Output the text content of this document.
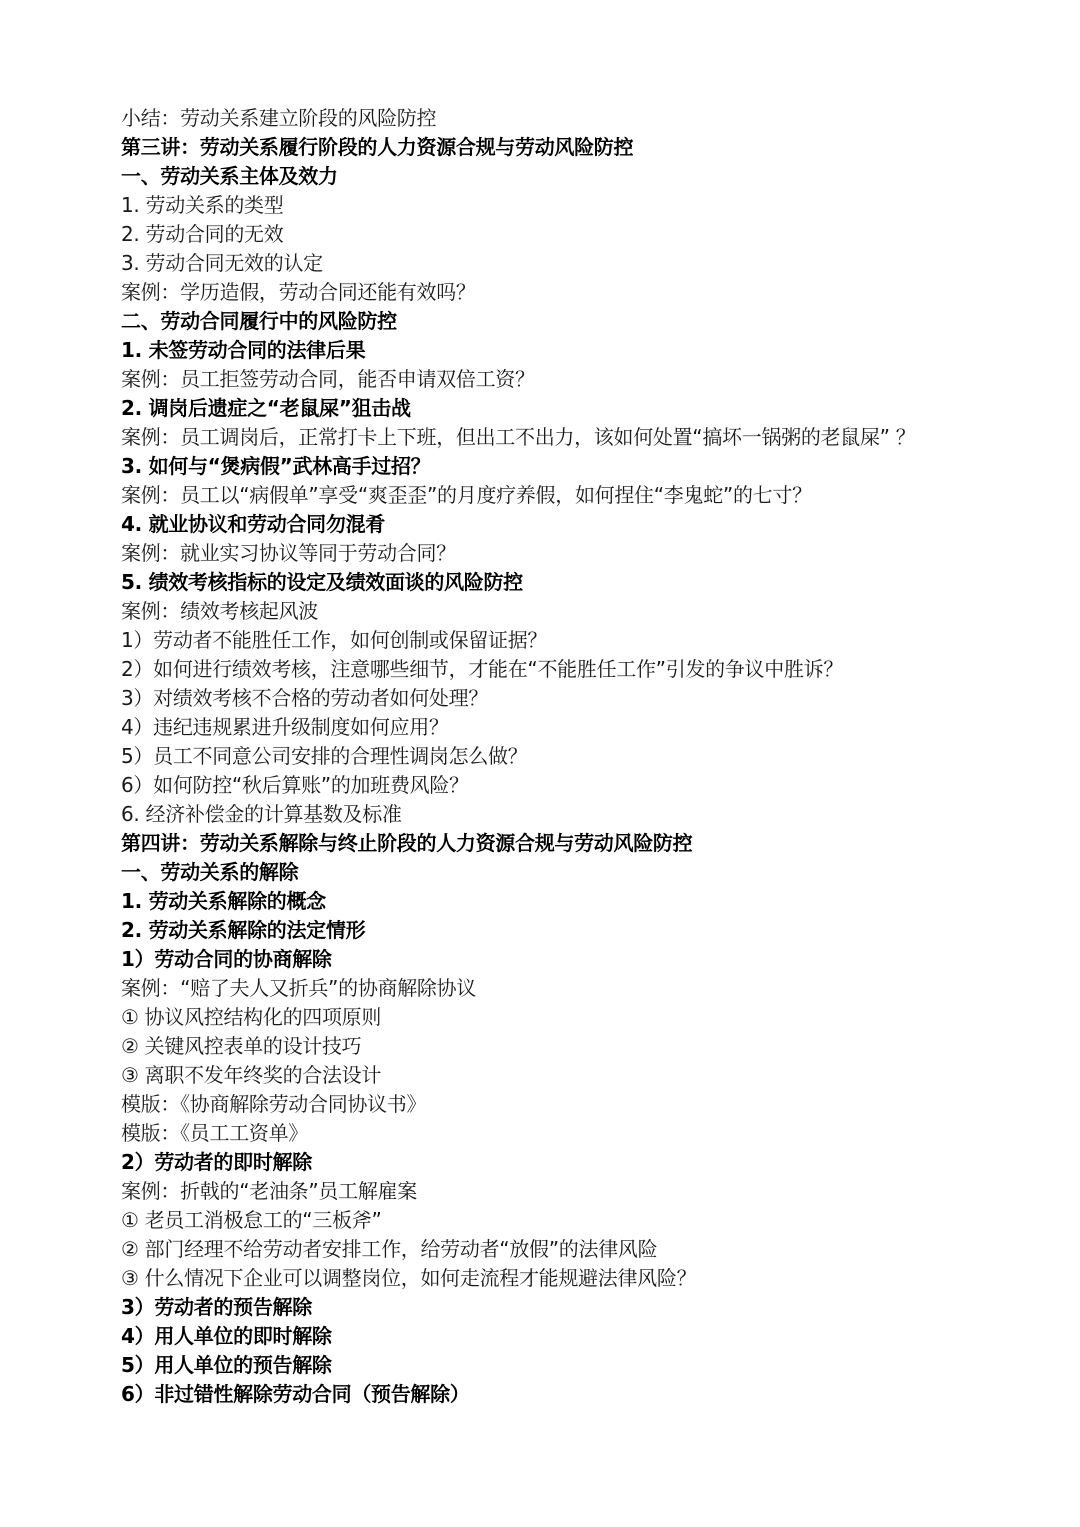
小结：劳动关系建立阶段的风险防控
第三讲：劳动关系履行阶段的人力资源合规与劳动风险防控
一、劳动关系主体及效力
1. 劳动关系的类型
2. 劳动合同的无效
3. 劳动合同无效的认定
案例：学历造假，劳动合同还能有效吗？
二、劳动合同履行中的风险防控
1. 未签劳动合同的法律后果
案例：员工拒签劳动合同，能否申请双倍工资？
2. 调岗后遗症之“老鼠屎”狙击战
案例：员工调岗后，正常打卡上下班，但出工不出力，该如何处置“搞坏一锅粥的老鼠屎” ？
3. 如何与“煲病假”武林高手过招？
案例：员工以“病假单”享受“爽歪歪”的月度疗养假，如何捏住“李鬼蛇”的七寸？
4. 就业协议和劳动合同勿混肴
案例：就业实习协议等同于劳动合同？
5. 绩效考核指标的设定及绩效面谈的风险防控
案例：绩效考核起风波
1）劳动者不能胜任工作，如何创制或保留证据？
2）如何进行绩效考核，注意哪些细节，才能在“不能胜任工作”引发的争议中胜诉？
3）对绩效考核不合格的劳动者如何处理？
4）违纪违规累进升级制度如何应用？
5）员工不同意公司安排的合理性调岗怎么做？
6）如何防控“秋后算账”的加班费风险？
6. 经济补偿金的计算基数及标准
第四讲：劳动关系解除与终止阶段的人力资源合规与劳动风险防控
一、劳动关系的解除
1. 劳动关系解除的概念
2. 劳动关系解除的法定情形
1）劳动合同的协商解除
案例：“赔了夫人又折兵”的协商解除协议
① 协议风控结构化的四项原则
② 关键风控表单的设计技巧
③ 离职不发年终奖的合法设计
模版：《协商解除劳动合同协议书》
模版：《员工工资单》
2）劳动者的即时解除
案例：折戟的“老油条”员工解雇案
① 老员工消极怠工的“三板斧”
② 部门经理不给劳动者安排工作，给劳动者“放假”的法律风险
③ 什么情况下企业可以调整岗位，如何走流程才能规避法律风险？
3）劳动者的预告解除
4）用人单位的即时解除
5）用人单位的预告解除
6）非过错性解除劳动合同（预告解除）
